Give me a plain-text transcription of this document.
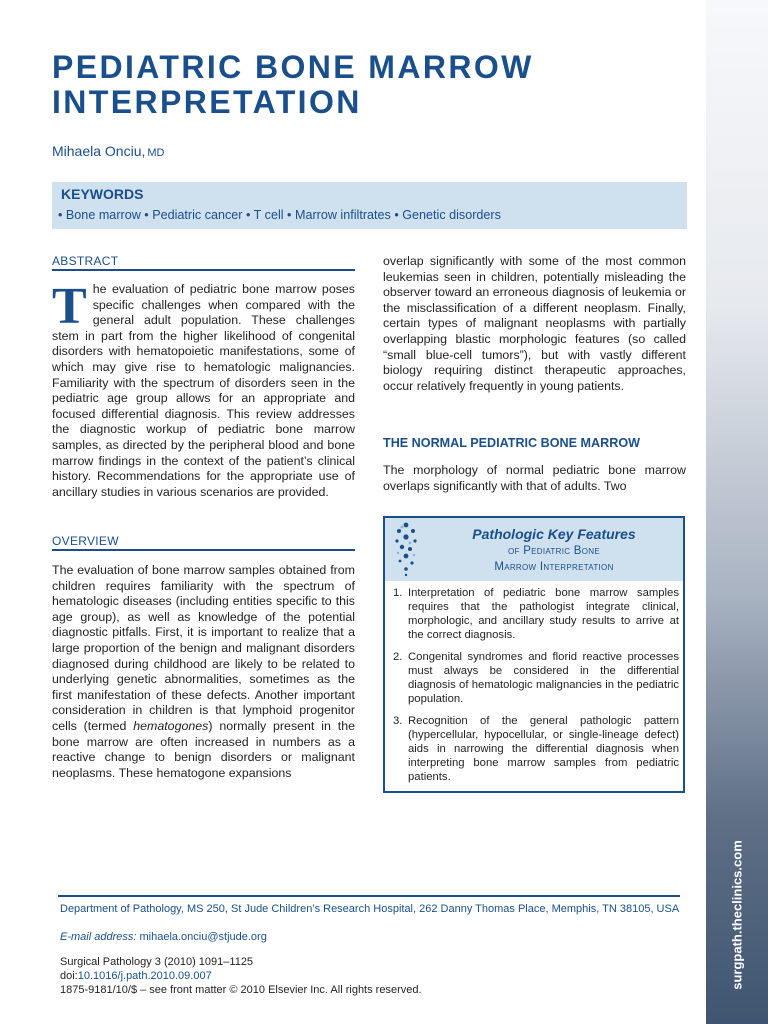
surgpath.theclinics.com
PEDIATRIC BONE MARROW
INTERPRETATION
Mihaela Onciu, MD
KEYWORDS
• Bone marrow • Pediatric cancer • T cell • Marrow infiltrates • Genetic disorders
ABSTRACT
T he evaluation of pediatric bone marrow poses specific challenges when compared with the general adult population. These challenges stem in part from the higher likelihood of congenital disorders with hematopoietic manifestations, some of which may give rise to hematologic malignancies. Familiarity with the spectrum of disorders seen in the pediatric age group allows for an appropriate and focused differential diagnosis. This review addresses the diagnostic workup of pediatric bone marrow samples, as directed by the peripheral blood and bone marrow findings in the context of the patient’s clinical history. Recommendations for the appropriate use of ancillary studies in various scenarios are provided.
OVERVIEW
The evaluation of bone marrow samples obtained from children requires familiarity with the spectrum of hematologic diseases (including entities specific to this age group), as well as knowledge of the potential diagnostic pitfalls. First, it is important to realize that a large proportion of the benign and malignant disorders diagnosed during childhood are likely to be related to underlying genetic abnormalities, sometimes as the first manifestation of these defects. Another important consideration in children is that lymphoid progenitor cells (termed hematogones) normally present in the bone marrow are often increased in numbers as a reactive change to benign disorders or malignant neoplasms. These hematogone expansions
overlap significantly with some of the most common leukemias seen in children, potentially misleading the observer toward an erroneous diagnosis of leukemia or the misclassification of a different neoplasm. Finally, certain types of malignant neoplasms with partially overlapping blastic morphologic features (so called “small blue-cell tumors”), but with vastly different biology requiring distinct therapeutic approaches, occur relatively frequently in young patients.
THE NORMAL PEDIATRIC BONE MARROW
The morphology of normal pediatric bone marrow overlaps significantly with that of adults. Two
Pathologic Key Features
of Pediatric Bone
Marrow Interpretation
1. Interpretation of pediatric bone marrow samples requires that the pathologist integrate clinical, morphologic, and ancillary study results to arrive at the correct diagnosis.
2. Congenital syndromes and florid reactive processes must always be considered in the differential diagnosis of hematologic malignancies in the pediatric population.
3. Recognition of the general pathologic pattern (hypercellular, hypocellular, or single-lineage defect) aids in narrowing the differential diagnosis when interpreting bone marrow samples from pediatric patients.
Department of Pathology, MS 250, St Jude Children’s Research Hospital, 262 Danny Thomas Place, Memphis, TN 38105, USA
E-mail address: mihaela.onciu@stjude.org
Surgical Pathology 3 (2010) 1091–1125
doi:10.1016/j.path.2010.09.007
1875-9181/10/$ – see front matter © 2010 Elsevier Inc. All rights reserved.
